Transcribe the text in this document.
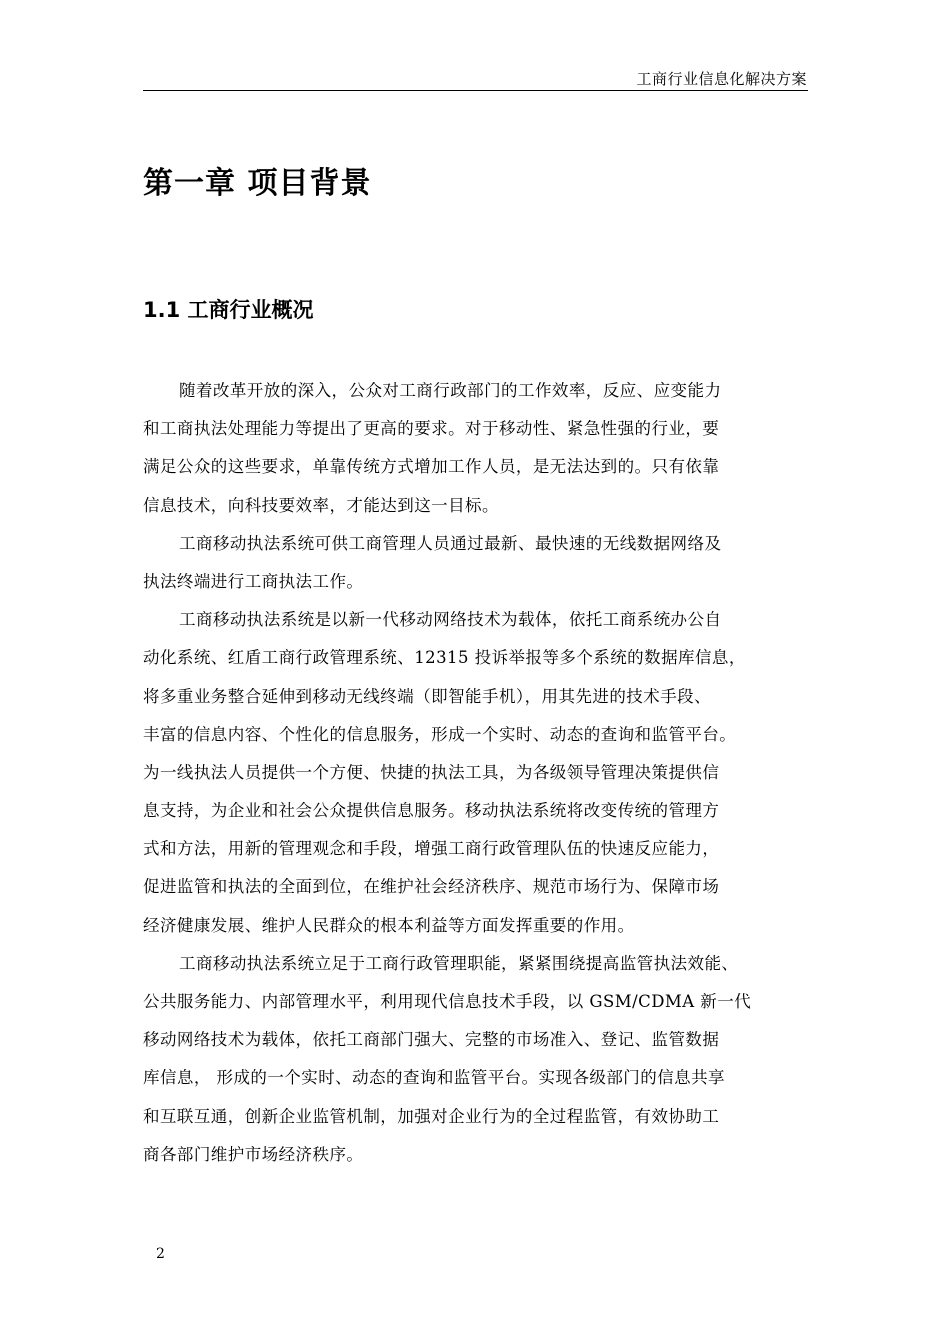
工商行业信息化解决方案
第一章 项目背景
1.1 工商行业概况
随着改革开放的深入，公众对工商行政部门的工作效率，反应、应变能力
和工商执法处理能力等提出了更高的要求。对于移动性、紧急性强的行业，要
满足公众的这些要求，单靠传统方式增加工作人员，是无法达到的。只有依靠
信息技术，向科技要效率，才能达到这一目标。
工商移动执法系统可供工商管理人员通过最新、最快速的无线数据网络及
执法终端进行工商执法工作。
工商移动执法系统是以新一代移动网络技术为载体，依托工商系统办公自
动化系统、红盾工商行政管理系统、12315 投诉举报等多个系统的数据库信息，
将多重业务整合延伸到移动无线终端（即智能手机），用其先进的技术手段、
丰富的信息内容、个性化的信息服务，形成一个实时、动态的查询和监管平台。
为一线执法人员提供一个方便、快捷的执法工具，为各级领导管理决策提供信
息支持，为企业和社会公众提供信息服务。移动执法系统将改变传统的管理方
式和方法，用新的管理观念和手段，增强工商行政管理队伍的快速反应能力，
促进监管和执法的全面到位，在维护社会经济秩序、规范市场行为、保障市场
经济健康发展、维护人民群众的根本利益等方面发挥重要的作用。
工商移动执法系统立足于工商行政管理职能，紧紧围绕提高监管执法效能、
公共服务能力、内部管理水平，利用现代信息技术手段，以 GSM/CDMA 新一代
移动网络技术为载体，依托工商部门强大、完整的市场准入、登记、监管数据
库信息， 形成的一个实时、动态的查询和监管平台。实现各级部门的信息共享
和互联互通，创新企业监管机制，加强对企业行为的全过程监管，有效协助工
商各部门维护市场经济秩序。
2
